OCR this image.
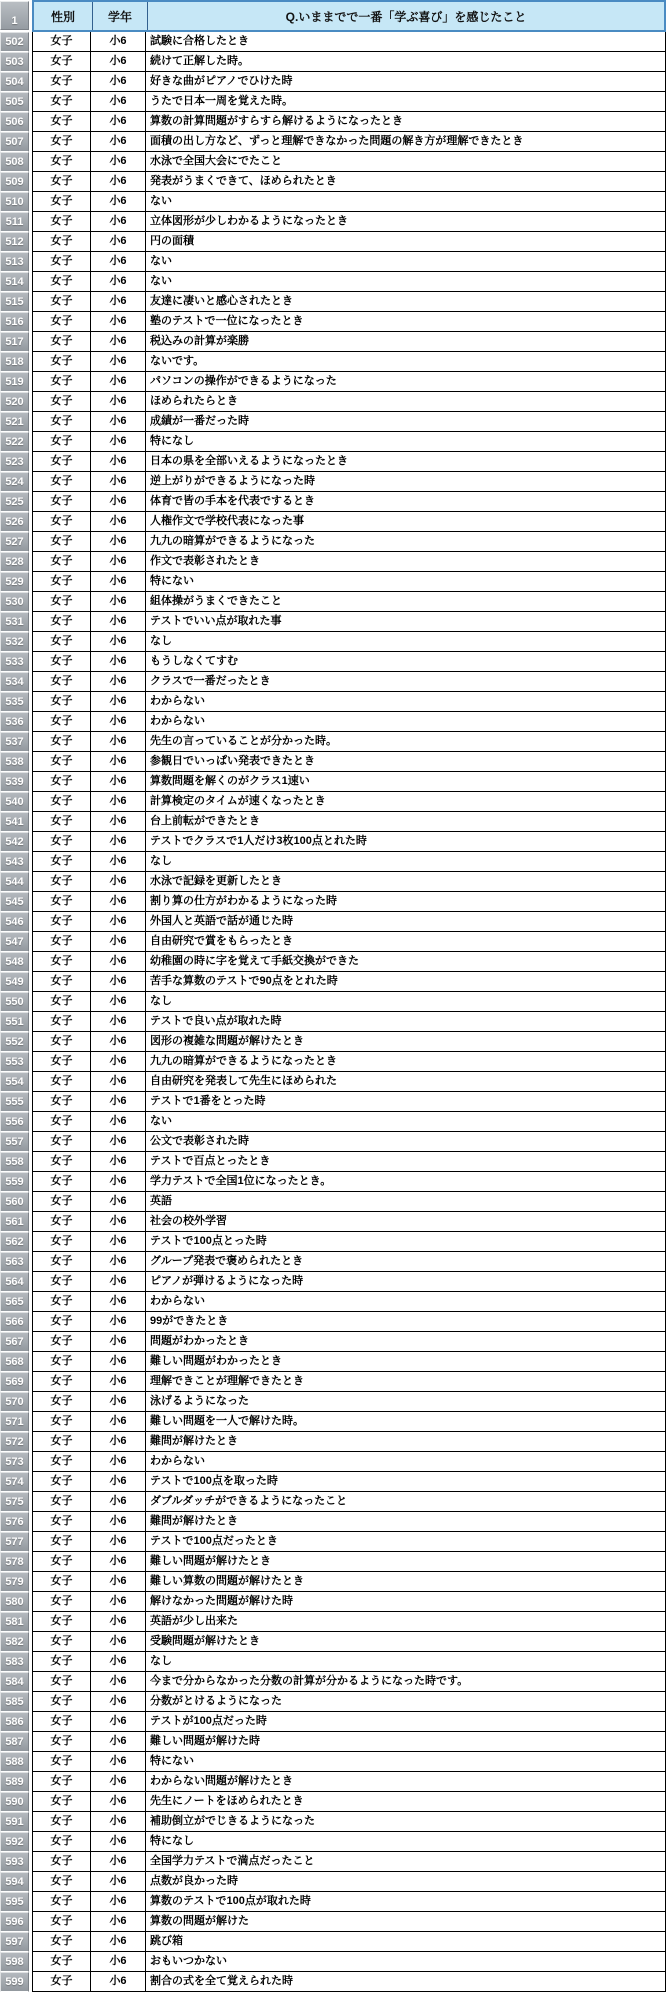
1	性別	学年	Q.いままでで一番「学ぶ喜び」を感じたこと
502	女子	小6	試験に合格したとき
503	女子	小6	続けて正解した時。
504	女子	小6	好きな曲がピアノでひけた時
505	女子	小6	うたで日本一周を覚えた時。
506	女子	小6	算数の計算問題がすらすら解けるようになったとき
507	女子	小6	面積の出し方など、ずっと理解できなかった問題の解き方が理解できたとき
508	女子	小6	水泳で全国大会にでたこと
509	女子	小6	発表がうまくできて、ほめられたとき
510	女子	小6	ない
511	女子	小6	立体図形が少しわかるようになったとき
512	女子	小6	円の面積
513	女子	小6	ない
514	女子	小6	ない
515	女子	小6	友達に凄いと感心されたとき
516	女子	小6	塾のテストで一位になったとき
517	女子	小6	税込みの計算が楽勝
518	女子	小6	ないです。
519	女子	小6	パソコンの操作ができるようになった
520	女子	小6	ほめられたらとき
521	女子	小6	成績が一番だった時
522	女子	小6	特になし
523	女子	小6	日本の県を全部いえるようになったとき
524	女子	小6	逆上がりができるようになった時
525	女子	小6	体育で皆の手本を代表でするとき
526	女子	小6	人権作文で学校代表になった事
527	女子	小6	九九の暗算ができるようになった
528	女子	小6	作文で表彰されたとき
529	女子	小6	特にない
530	女子	小6	組体操がうまくできたこと
531	女子	小6	テストでいい点が取れた事
532	女子	小6	なし
533	女子	小6	もうしなくてすむ
534	女子	小6	クラスで一番だったとき
535	女子	小6	わからない
536	女子	小6	わからない
537	女子	小6	先生の言っていることが分かった時。
538	女子	小6	参観日でいっぱい発表できたとき
539	女子	小6	算数問題を解くのがクラス1速い
540	女子	小6	計算検定のタイムが速くなったとき
541	女子	小6	台上前転ができたとき
542	女子	小6	テストでクラスで1人だけ3枚100点とれた時
543	女子	小6	なし
544	女子	小6	水泳で記録を更新したとき
545	女子	小6	割り算の仕方がわかるようになった時
546	女子	小6	外国人と英語で話が通じた時
547	女子	小6	自由研究で賞をもらったとき
548	女子	小6	幼稚園の時に字を覚えて手紙交換ができた
549	女子	小6	苦手な算数のテストで90点をとれた時
550	女子	小6	なし
551	女子	小6	テストで良い点が取れた時
552	女子	小6	図形の複雑な問題が解けたとき
553	女子	小6	九九の暗算ができるようになったとき
554	女子	小6	自由研究を発表して先生にほめられた
555	女子	小6	テストで1番をとった時
556	女子	小6	ない
557	女子	小6	公文で表彰された時
558	女子	小6	テストで百点とったとき
559	女子	小6	学力テストで全国1位になったとき。
560	女子	小6	英語
561	女子	小6	社会の校外学習
562	女子	小6	テストで100点とった時
563	女子	小6	グループ発表で褒められたとき
564	女子	小6	ピアノが弾けるようになった時
565	女子	小6	わからない
566	女子	小6	99ができたとき
567	女子	小6	問題がわかったとき
568	女子	小6	難しい問題がわかったとき
569	女子	小6	理解できことが理解できたとき
570	女子	小6	泳げるようになった
571	女子	小6	難しい問題を一人で解けた時。
572	女子	小6	難問が解けたとき
573	女子	小6	わからない
574	女子	小6	テストで100点を取った時
575	女子	小6	ダブルダッチができるようになったこと
576	女子	小6	難問が解けたとき
577	女子	小6	テストで100点だったとき
578	女子	小6	難しい問題が解けたとき
579	女子	小6	難しい算数の問題が解けたとき
580	女子	小6	解けなかった問題が解けた時
581	女子	小6	英語が少し出来た
582	女子	小6	受験問題が解けたとき
583	女子	小6	なし
584	女子	小6	今まで分からなかった分数の計算が分かるようになった時です。
585	女子	小6	分数がとけるようになった
586	女子	小6	テストが100点だった時
587	女子	小6	難しい問題が解けた時
588	女子	小6	特にない
589	女子	小6	わからない問題が解けたとき
590	女子	小6	先生にノートをほめられたとき
591	女子	小6	補助倒立がでじきるようになった
592	女子	小6	特になし
593	女子	小6	全国学力テストで満点だったこと
594	女子	小6	点数が良かった時
595	女子	小6	算数のテストで100点が取れた時
596	女子	小6	算数の問題が解けた
597	女子	小6	跳び箱
598	女子	小6	おもいつかない
599	女子	小6	割合の式を全て覚えられた時
